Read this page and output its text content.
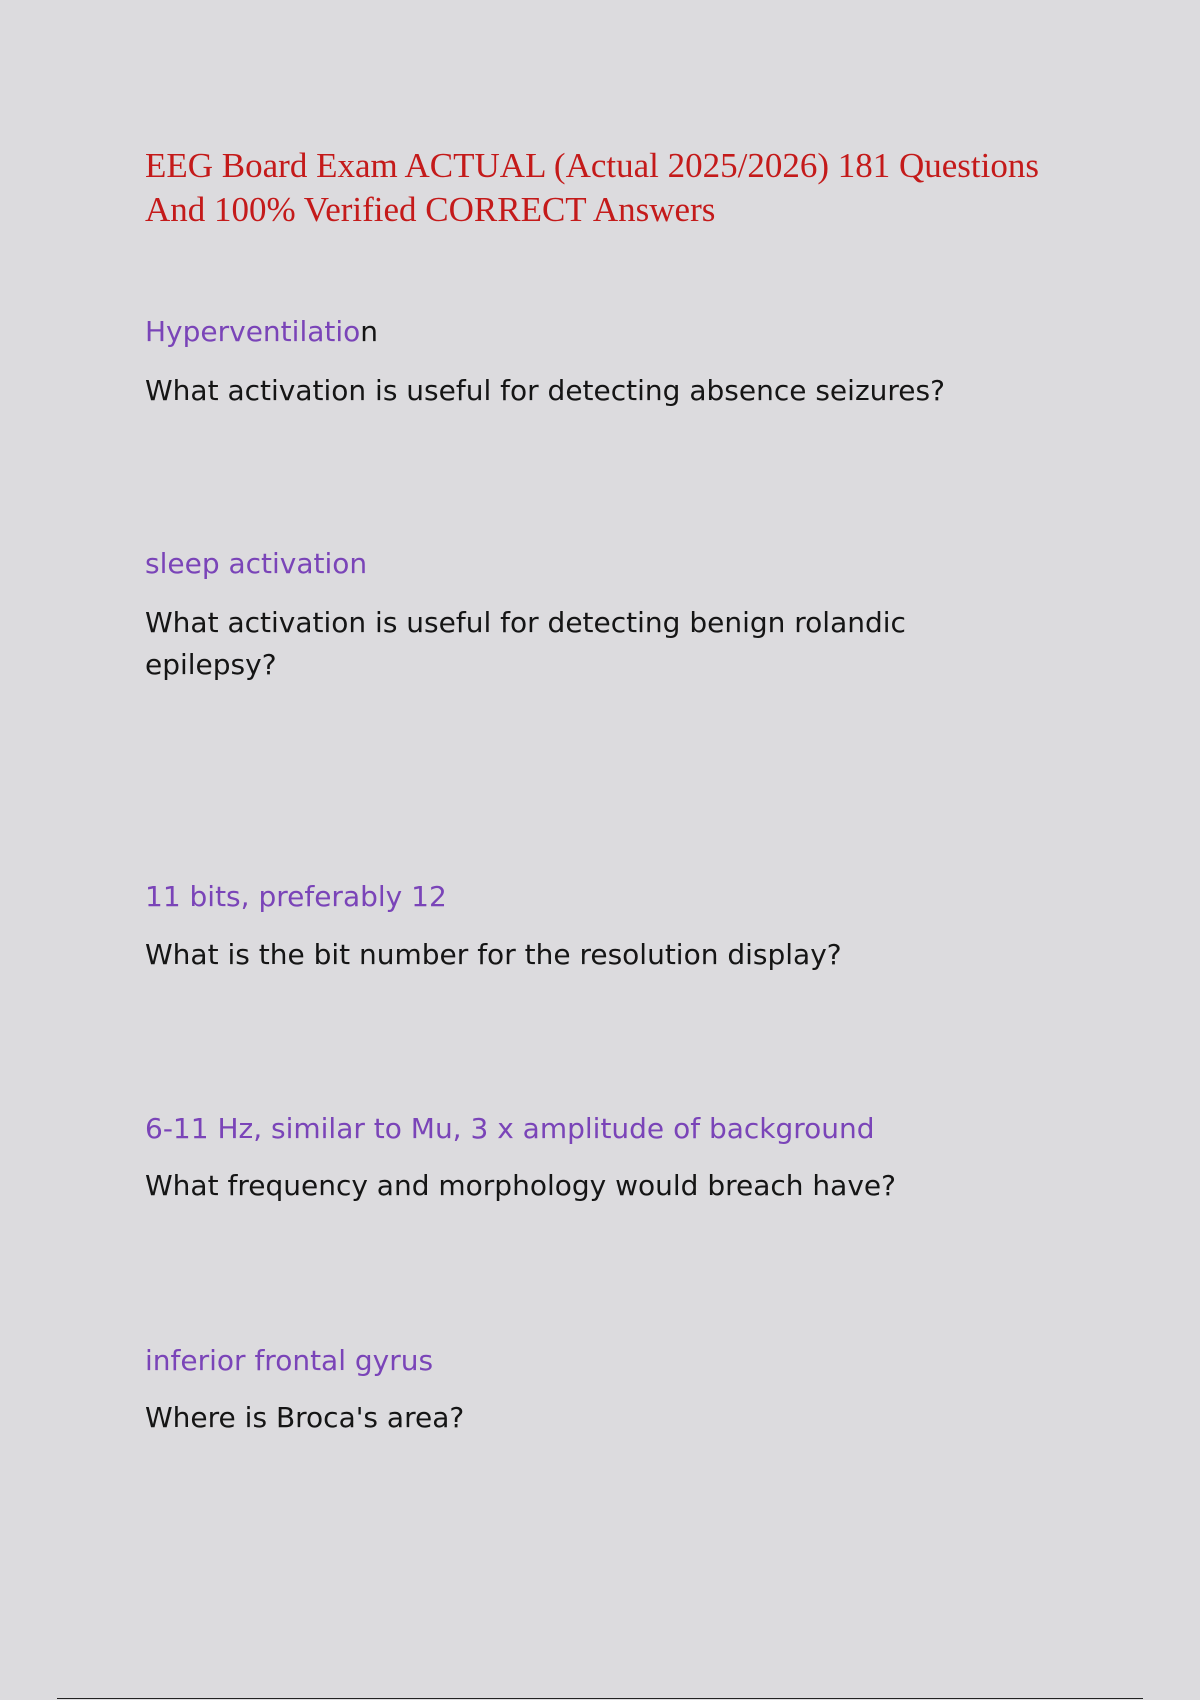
EEG Board Exam ACTUAL (Actual 2025/2026) 181 Questions And 100% Verified CORRECT Answers

Hyperventilation

What activation is useful for detecting absence seizures?

sleep activation

What activation is useful for detecting benign rolandic epilepsy?

11 bits, preferably 12

What is the bit number for the resolution display?

6-11 Hz, similar to Mu, 3 x amplitude of background

What frequency and morphology would breach have?

inferior frontal gyrus

Where is Broca's area?
